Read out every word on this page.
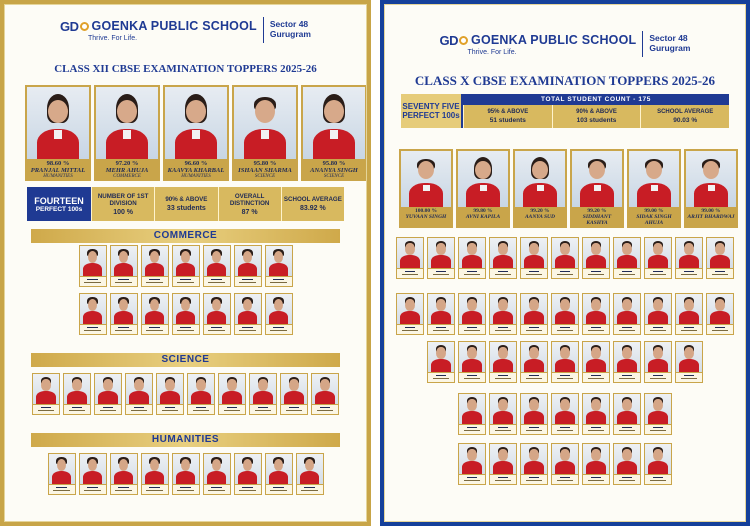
GD GOENKA PUBLIC SCHOOL
Thrive. For Life.
Sector 48
Gurugram
CLASS XII CBSE EXAMINATION TOPPERS 2025-26
98.60 %
PRANJAL MITTAL
HUMANITIES
97.20 %
MEHR AHUJA
COMMERCE
96.60 %
KAAVYA KHARBAL
HUMANITIES
95.80 %
ISHAAN SHARMA
SCIENCE
95.80 %
ANANYA SINGH
SCIENCE
FOURTEEN
PERFECT 100s
NUMBER OF 1ST DIVISION
100 %
90% & ABOVE
33 students
OVERALL DISTINCTION
87 %
SCHOOL AVERAGE
83.92 %
COMMERCE
SCIENCE
HUMANITIES
GD GOENKA PUBLIC SCHOOL
Thrive. For Life.
Sector 48
Gurugram
CLASS X CBSE EXAMINATION TOPPERS 2025-26
SEVENTY FIVE
PERFECT 100s
TOTAL STUDENT COUNT - 175
95% & ABOVE
51 students
90% & ABOVE
103 students
SCHOOL AVERAGE
90.03 %
100.00 %
YUVAAN SINGH
99.80 %
AVNI KAPILA
99.20 %
AANYA SUD
99.20 %
SIDDHANT KASHYA
99.00 %
SIDAK SINGH AHUJA
99.00 %
ARJIT BHARDWAJ
